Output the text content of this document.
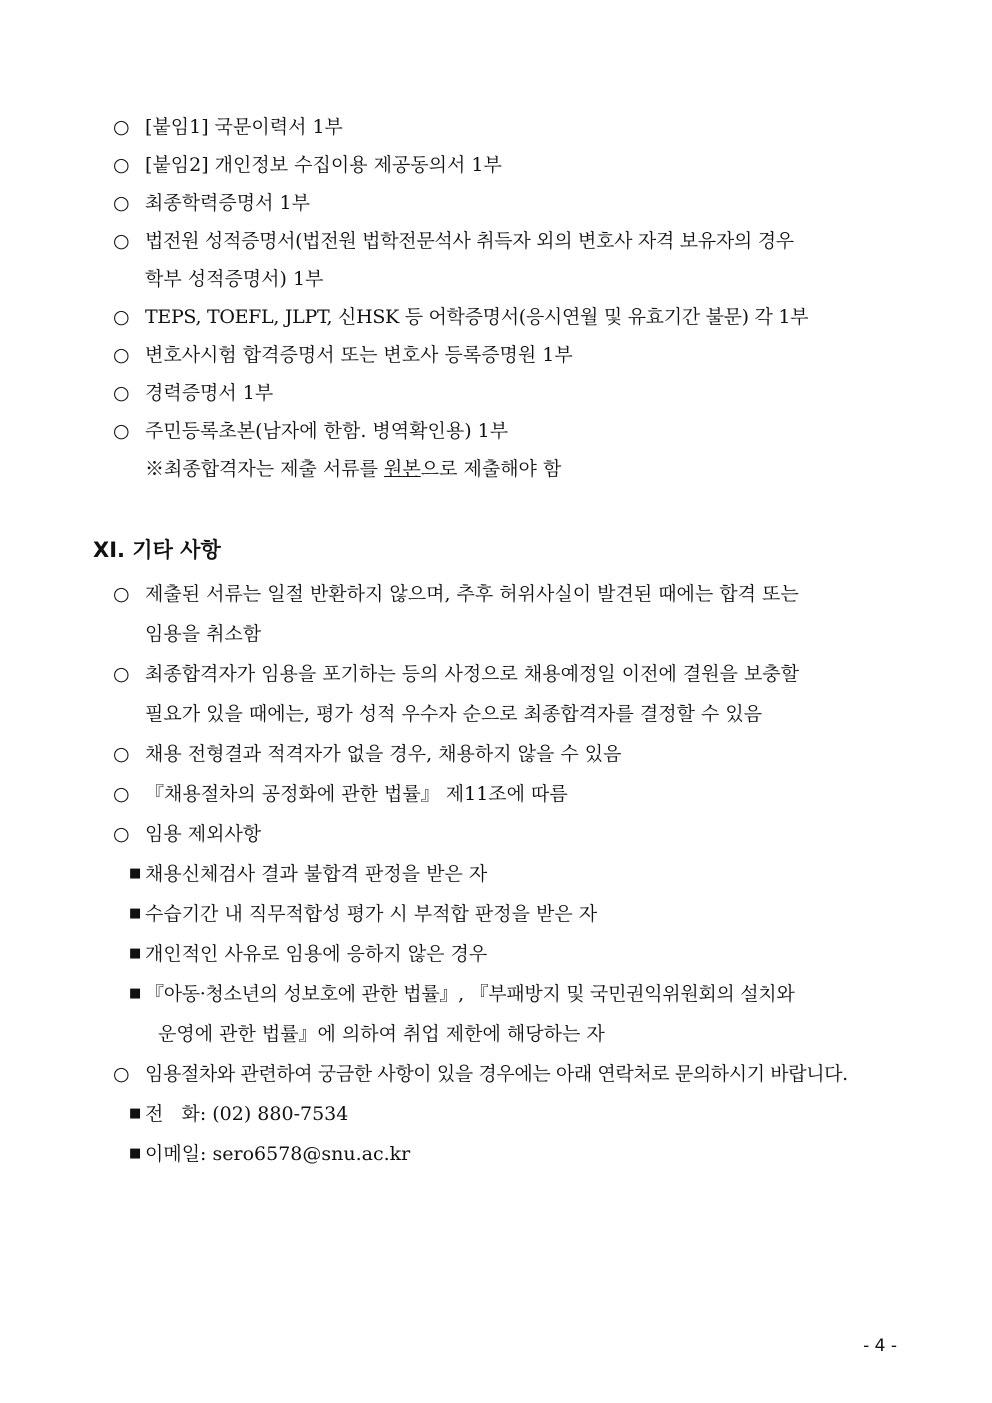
○ [붙임1] 국문이력서 1부
○ [붙임2] 개인정보 수집이용 제공동의서 1부
○ 최종학력증명서 1부
○ 법전원 성적증명서(법전원 법학전문석사 취득자 외의 변호사 자격 보유자의 경우
학부 성적증명서) 1부
○ TEPS, TOEFL, JLPT, 신HSK 등 어학증명서(응시연월 및 유효기간 불문) 각 1부
○ 변호사시험 합격증명서 또는 변호사 등록증명원 1부
○ 경력증명서 1부
○ 주민등록초본(남자에 한함. 병역확인용) 1부
※최종합격자는 제출 서류를 원본으로 제출해야 함
XI. 기타 사항
○ 제출된 서류는 일절 반환하지 않으며, 추후 허위사실이 발견된 때에는 합격 또는
임용을 취소함
○ 최종합격자가 임용을 포기하는 등의 사정으로 채용예정일 이전에 결원을 보충할
필요가 있을 때에는, 평가 성적 우수자 순으로 최종합격자를 결정할 수 있음
○ 채용 전형결과 적격자가 없을 경우, 채용하지 않을 수 있음
○ 『채용절차의 공정화에 관한 법률』 제11조에 따름
○ 임용 제외사항
■ 채용신체검사 결과 불합격 판정을 받은 자
■ 수습기간 내 직무적합성 평가 시 부적합 판정을 받은 자
■ 개인적인 사유로 임용에 응하지 않은 경우
■ 『아동·청소년의 성보호에 관한 법률』, 『부패방지 및 국민권익위원회의 설치와
운영에 관한 법률』에 의하여 취업 제한에 해당하는 자
○ 임용절차와 관련하여 궁금한 사항이 있을 경우에는 아래 연락처로 문의하시기 바랍니다.
■ 전   화: (02) 880-7534
■ 이메일: sero6578@snu.ac.kr
- 4 -
